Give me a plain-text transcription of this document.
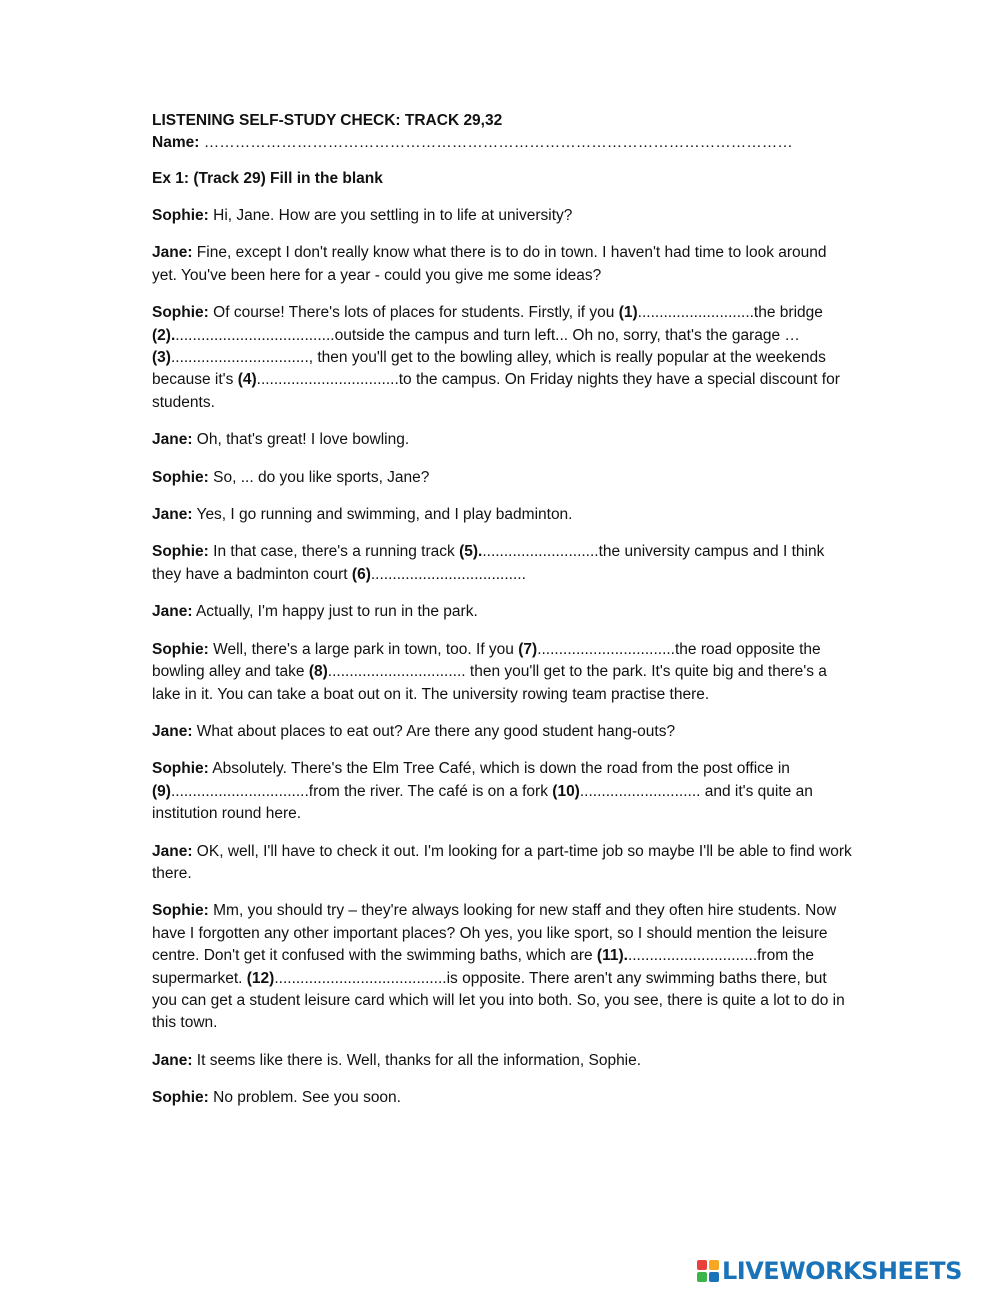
LISTENING SELF-STUDY CHECK: TRACK 29,32

Name: ……………………………………………………………………………………………………

Ex 1: (Track 29) Fill in the blank

Sophie: Hi, Jane. How are you settling in to life at university?

Jane: Fine, except I don't really know what there is to do in town. I haven't had time to look around yet. You've been here for a year - could you give me some ideas?

Sophie: Of course! There's lots of places for students. Firstly, if you (1)...........................the bridge (2)......................................outside the campus and turn left... Oh no, sorry, that's the garage … (3)................................, then you'll get to the bowling alley, which is really popular at the weekends because it's (4).................................to the campus. On Friday nights they have a special discount for students.

Jane: Oh, that's great! I love bowling.

Sophie: So, ... do you like sports, Jane?

Jane: Yes, I go running and swimming, and I play badminton.

Sophie: In that case, there's a running track (5)............................the university campus and I think they have a badminton court (6)....................................

Jane: Actually, I'm happy just to run in the park.

Sophie: Well, there's a large park in town, too. If you (7)................................the road opposite the bowling alley and take (8)................................ then you'll get to the park. It's quite big and there's a lake in it. You can take a boat out on it. The university rowing team practise there.

Jane: What about places to eat out? Are there any good student hang-outs?

Sophie: Absolutely. There's the Elm Tree Café, which is down the road from the post office in (9)................................from the river. The café is on a fork (10)............................ and it's quite an institution round here.

Jane: OK, well, I'll have to check it out. I'm looking for a part-time job so maybe I'll be able to find work there.

Sophie: Mm, you should try – they're always looking for new staff and they often hire students. Now have I forgotten any other important places? Oh yes, you like sport, so I should mention the leisure centre. Don't get it confused with the swimming baths, which are (11)...............................from the supermarket. (12)........................................is opposite. There aren't any swimming baths there, but you can get a student leisure card which will let you into both. So, you see, there is quite a lot to do in this town.

Jane: It seems like there is. Well, thanks for all the information, Sophie.

Sophie: No problem. See you soon.

LIVEWORKSHEETS
